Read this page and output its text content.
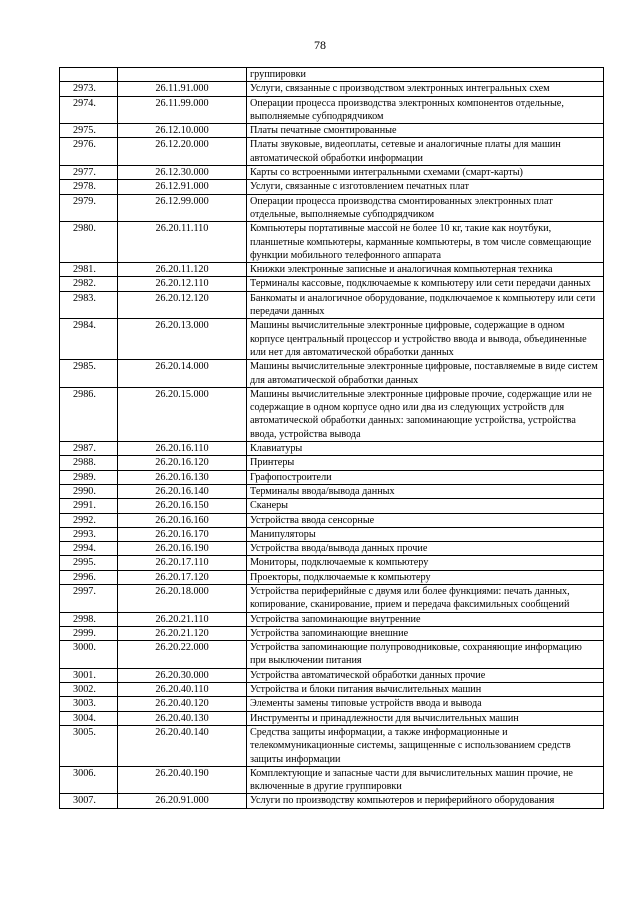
78
		группировки
2973.	26.11.91.000	Услуги, связанные с производством электронных интегральных схем
2974.	26.11.99.000	Операции процесса производства электронных компонентов отдельные, выполняемые субподрядчиком
2975.	26.12.10.000	Платы печатные смонтированные
2976.	26.12.20.000	Платы звуковые, видеоплаты, сетевые и аналогичные платы для машин автоматической обработки информации
2977.	26.12.30.000	Карты со встроенными интегральными схемами (смарт-карты)
2978.	26.12.91.000	Услуги, связанные с изготовлением печатных плат
2979.	26.12.99.000	Операции процесса производства смонтированных электронных плат отдельные, выполняемые субподрядчиком
2980.	26.20.11.110	Компьютеры портативные массой не более 10 кг, такие как ноутбуки, планшетные компьютеры, карманные компьютеры, в том числе совмещающие функции мобильного телефонного аппарата
2981.	26.20.11.120	Книжки электронные записные и аналогичная компьютерная техника
2982.	26.20.12.110	Терминалы кассовые, подключаемые к компьютеру или сети передачи данных
2983.	26.20.12.120	Банкоматы и аналогичное оборудование, подключаемое к компьютеру или сети передачи данных
2984.	26.20.13.000	Машины вычислительные электронные цифровые, содержащие в одном корпусе центральный процессор и устройство ввода и вывода, объединенные или нет для автоматической обработки данных
2985.	26.20.14.000	Машины вычислительные электронные цифровые, поставляемые в виде систем для автоматической обработки данных
2986.	26.20.15.000	Машины вычислительные электронные цифровые прочие, содержащие или не содержащие в одном корпусе одно или два из следующих устройств для автоматической обработки данных: запоминающие устройства, устройства ввода, устройства вывода
2987.	26.20.16.110	Клавиатуры
2988.	26.20.16.120	Принтеры
2989.	26.20.16.130	Графопостроители
2990.	26.20.16.140	Терминалы ввода/вывода данных
2991.	26.20.16.150	Сканеры
2992.	26.20.16.160	Устройства ввода сенсорные
2993.	26.20.16.170	Манипуляторы
2994.	26.20.16.190	Устройства ввода/вывода данных прочие
2995.	26.20.17.110	Мониторы, подключаемые к компьютеру
2996.	26.20.17.120	Проекторы, подключаемые к компьютеру
2997.	26.20.18.000	Устройства периферийные с двумя или более функциями: печать данных, копирование, сканирование, прием и передача факсимильных сообщений
2998.	26.20.21.110	Устройства запоминающие внутренние
2999.	26.20.21.120	Устройства запоминающие внешние
3000.	26.20.22.000	Устройства запоминающие полупроводниковые, сохраняющие информацию при выключении питания
3001.	26.20.30.000	Устройства автоматической обработки данных прочие
3002.	26.20.40.110	Устройства и блоки питания вычислительных машин
3003.	26.20.40.120	Элементы замены типовые устройств ввода и вывода
3004.	26.20.40.130	Инструменты и принадлежности для вычислительных машин
3005.	26.20.40.140	Средства защиты информации, а также информационные и телекоммуникационные системы, защищенные с использованием средств защиты информации
3006.	26.20.40.190	Комплектующие и запасные части для вычислительных машин прочие, не включенные в другие группировки
3007.	26.20.91.000	Услуги по производству компьютеров и периферийного оборудования
